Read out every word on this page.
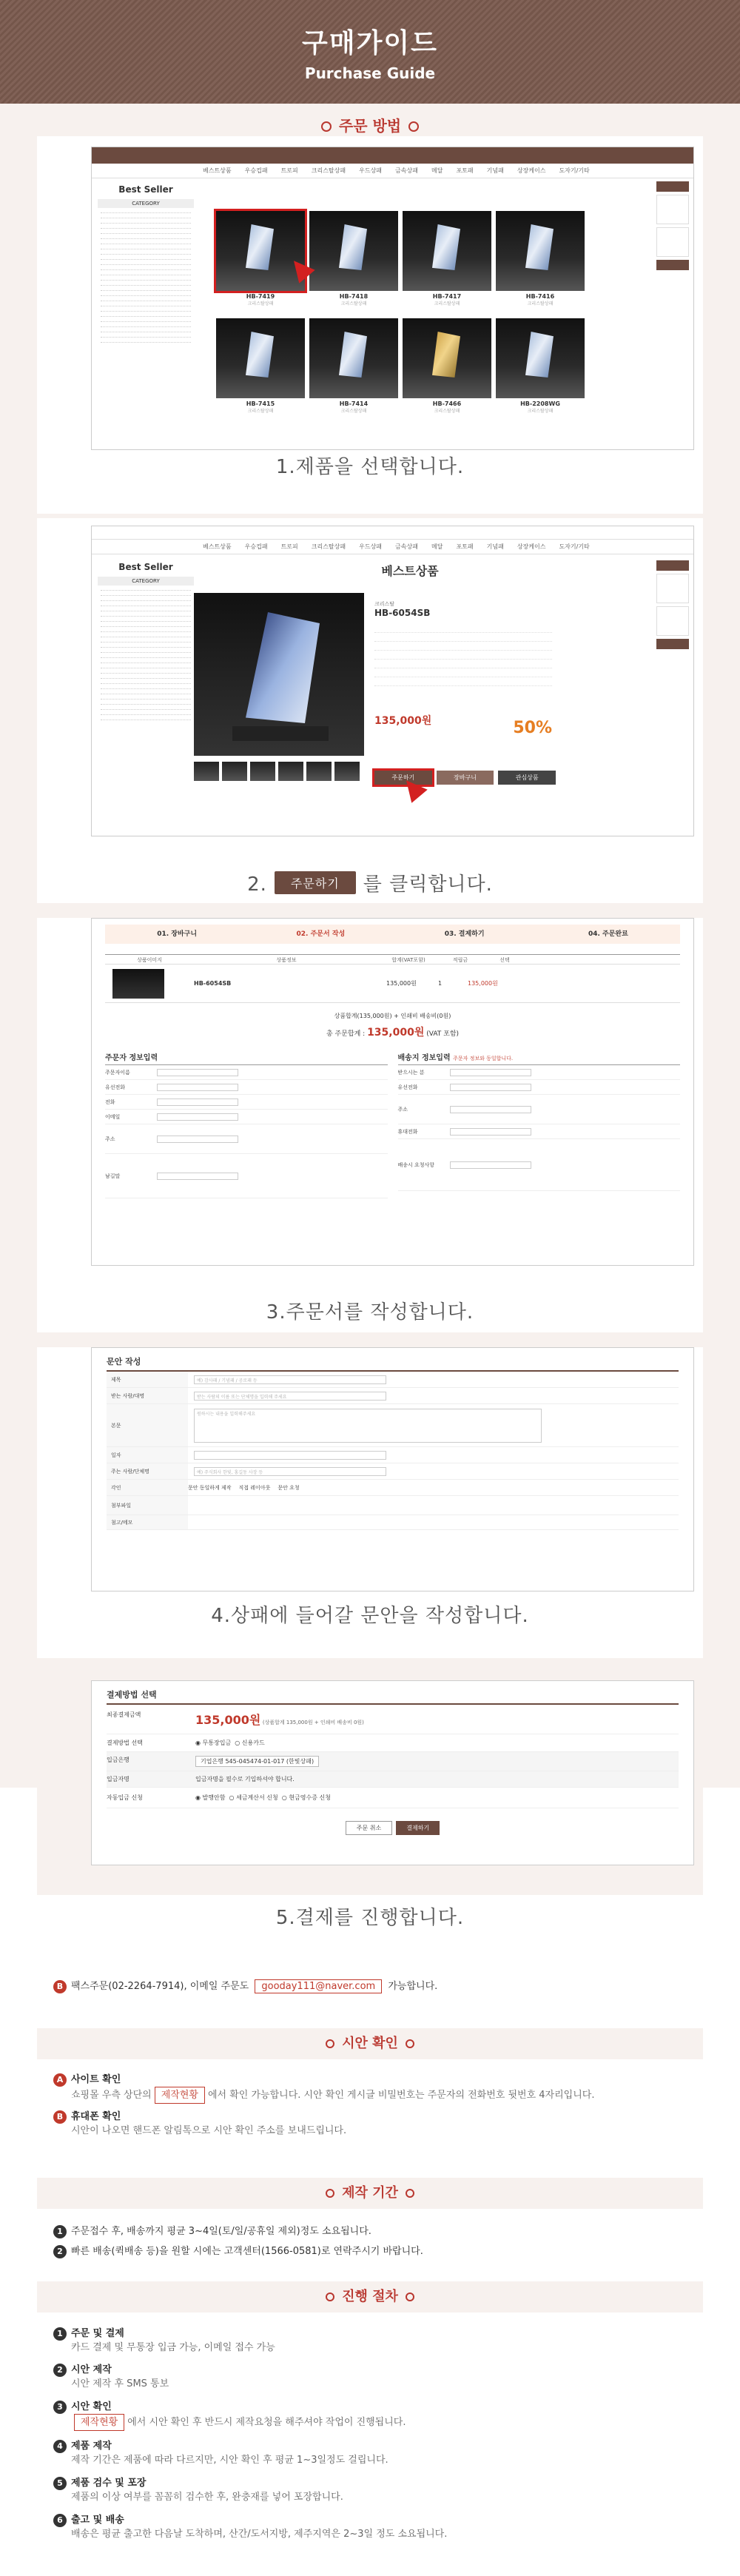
구매가이드
Purchase Guide
주문 방법
베스트상품 우승컵패 트로피 크리스탈상패 우드상패 금속상패 메달 포토패 기념패 상장케이스 도자기/기타
Best Seller
CATEGORY
HB-7419
크리스탈상패
HB-7418
크리스탈상패
HB-7417
크리스탈상패
HB-7416
크리스탈상패
HB-7415
크리스탈상패
HB-7414
크리스탈상패
HB-7466
크리스탈상패
HB-2208WG
크리스탈상패
1.제품을 선택합니다.
베스트상품 우승컵패 트로피 크리스탈상패 우드상패 금속상패 메달 포토패 기념패 상장케이스 도자기/기타
Best Seller
CATEGORY
베스트상품
크리스탈
HB-6054SB
135,000원	50%
주문하기	장바구니	관심상품
2. 주문하기 를 클릭합니다.
01. 장바구니	02. 주문서 작성	03. 결제하기	04. 주문완료
상품이미지	상품정보	합계(VAT포함)	적립금	선택
HB-6054SB	135,000원	1	135,000원
상품합계(135,000원) + 인쇄비 배송비(0원)
총 주문합계 : 135,000원 (VAT 포함)
주문자 정보입력
주문자이름
유선전화
전화
이메일
주소
남길말
배송지 정보입력 주문자 정보와 동일합니다.
받으시는 분
유선전화
주소
휴대전화
배송시 요청사항
3.주문서를 작성합니다.
문안 작성
제목	예) 감사패 / 기념패 / 공로패 등
받는 사람/대명	받는 사람의 이름 또는 단체명을 입력해 주세요
본문
원하시는 내용을 입력해주세요
일자
주는 사람/단체명	예) 주식회사 한빛, 홍길동 사장 등
각인	문안 동일하게 제작 직접 레이아웃 문안 요청
첨부파일
첨고/메모
4.상패에 들어갈 문안을 작성합니다.
결제방법 선택
최종결제금액	135,000원 (상품합계 135,000원 + 인쇄비 배송비 0원)
결제방법 선택	◉ 무통장입금 ○ 신용카드
입금은행	기업은행 545-045474-01-017 (한빛상패)
입금자명	입금자명을 필수로 기입하셔야 합니다.
자동입금 신청	◉ 발행안함  ○ 세금계산서 신청  ○ 현금영수증 신청
주문 취소	결제하기
5.결제를 진행합니다.
B 팩스주문(02-2264-7914), 이메일 주문도 gooday111@naver.com 가능합니다.
시안 확인
A 사이트 확인
쇼핑몰 우측 상단의 제작현황 에서 확인 가능합니다. 시안 확인 게시글 비밀번호는 주문자의 전화번호 뒷번호 4자리입니다.
B 휴대폰 확인
시안이 나오면 핸드폰 알림톡으로 시안 확인 주소를 보내드립니다.
제작 기간
1 주문접수 후, 배송까지 평균 3~4일(토/일/공휴일 제외)정도 소요됩니다.
2 빠른 배송(퀵배송 등)을 원할 시에는 고객센터(1566-0581)로 연락주시기 바랍니다.
진행 절차
1 주문 및 결제
카드 결제 및 무통장 입금 가능, 이메일 접수 가능
2 시안 제작
시안 제작 후 SMS 통보
3 시안 확인
제작현황 에서 시안 확인 후 반드시 제작요청을 해주셔야 작업이 진행됩니다.
4 제품 제작
제작 기간은 제품에 따라 다르지만, 시안 확인 후 평균 1~3일정도 걸립니다.
5 제품 검수 및 포장
제품의 이상 여부를 꼼꼼히 검수한 후, 완충재를 넣어 포장합니다.
6 출고 및 배송
배송은 평균 출고한 다음날 도착하며, 산간/도서지방, 제주지역은 2~3일 정도 소요됩니다.
